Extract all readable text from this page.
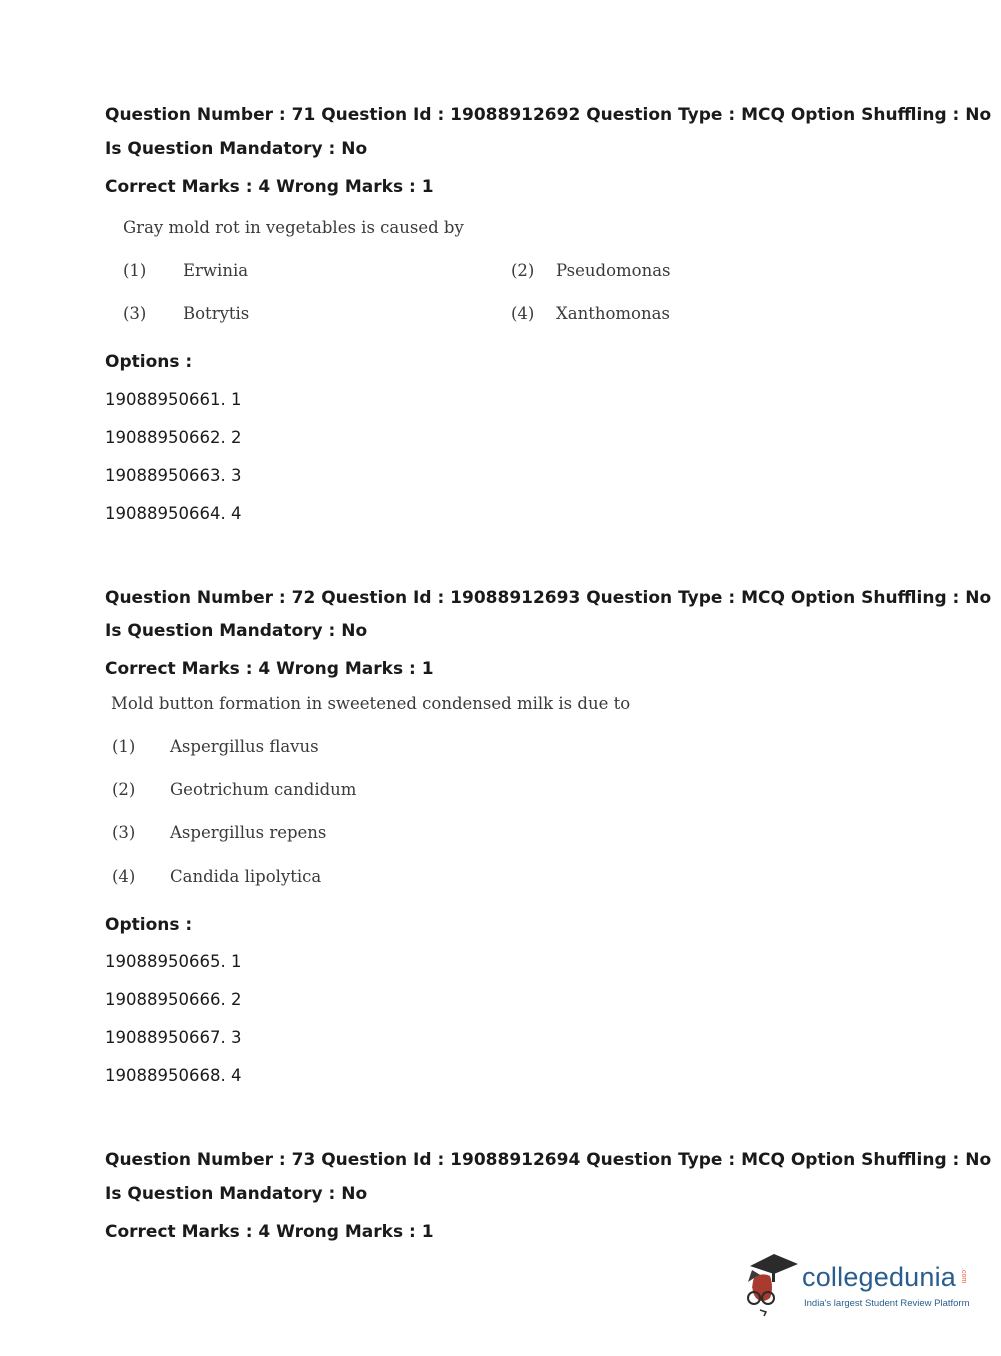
Question Number : 71 Question Id : 19088912692 Question Type : MCQ Option Shuffling : No
Is Question Mandatory : No
Correct Marks : 4 Wrong Marks : 1
Gray mold rot in vegetables is caused by
(1) Erwinia	(2) Pseudomonas
(3) Botrytis	(4) Xanthomonas
Options :
19088950661. 1
19088950662. 2
19088950663. 3
19088950664. 4
Question Number : 72 Question Id : 19088912693 Question Type : MCQ Option Shuffling : No
Is Question Mandatory : No
Correct Marks : 4 Wrong Marks : 1
Mold button formation in sweetened condensed milk is due to
(1) Aspergillus flavus
(2) Geotrichum candidum
(3) Aspergillus repens
(4) Candida lipolytica
Options :
19088950665. 1
19088950666. 2
19088950667. 3
19088950668. 4
Question Number : 73 Question Id : 19088912694 Question Type : MCQ Option Shuffling : No
Is Question Mandatory : No
Correct Marks : 4 Wrong Marks : 1
collegedunia .com
India's largest Student Review Platform
